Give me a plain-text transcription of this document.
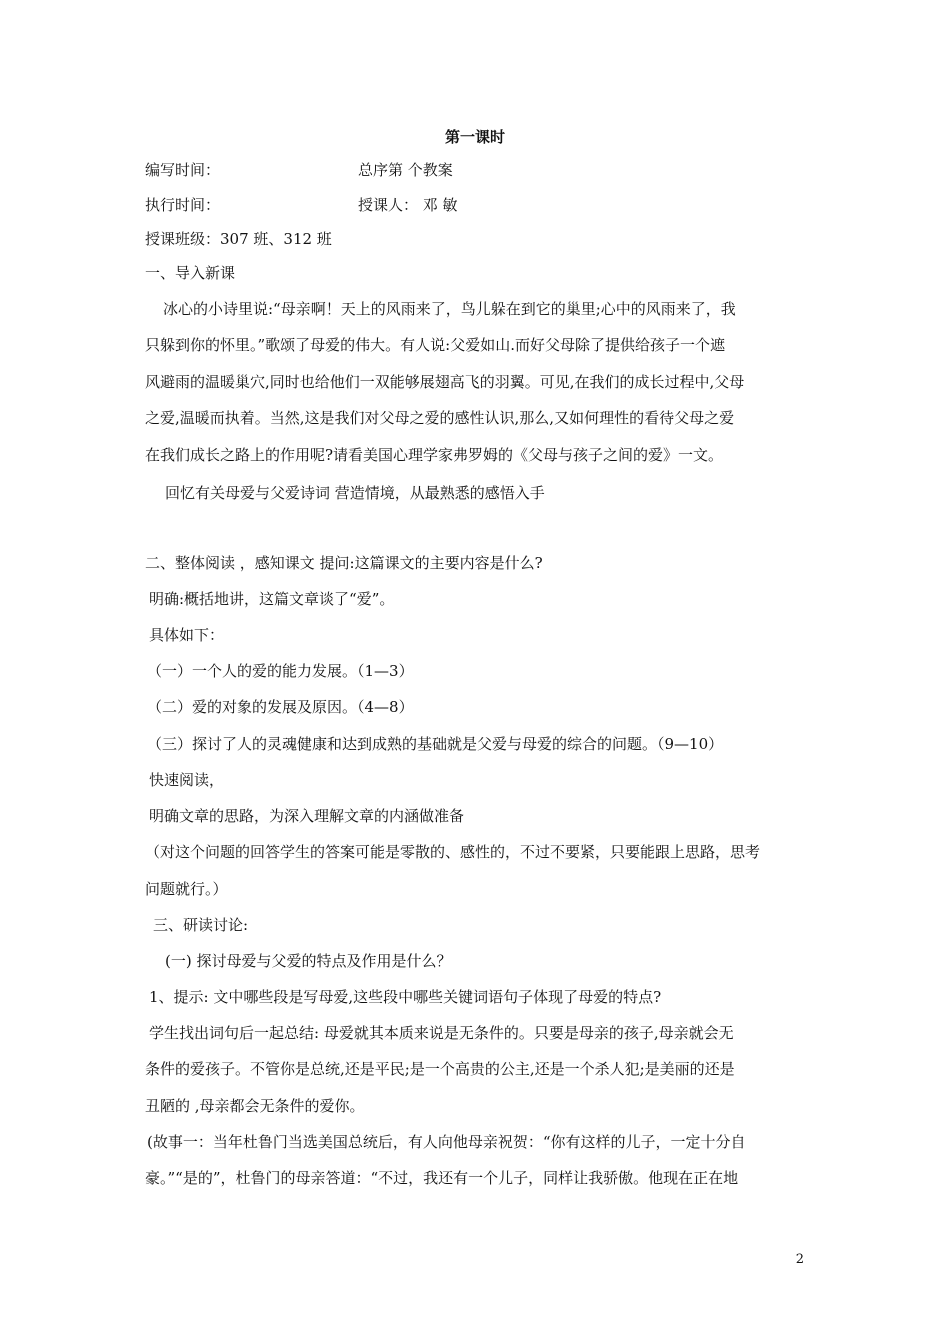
第一课时
编写时间：	总序第 个教案
执行时间：	授课人： 邓 敏
授课班级：307 班、312 班
一、导入新课
冰心的小诗里说:“母亲啊！天上的风雨来了，鸟儿躲在到它的巢里;心中的风雨来了，我
只躲到你的怀里。”歌颂了母爱的伟大。有人说:父爱如山.而好父母除了提供给孩子一个遮
风避雨的温暖巢穴,同时也给他们一双能够展翅高飞的羽翼。可见,在我们的成长过程中,父母
之爱,温暖而执着。当然,这是我们对父母之爱的感性认识,那么,又如何理性的看待父母之爱
在我们成长之路上的作用呢?请看美国心理学家弗罗姆的《父母与孩子之间的爱》一文。
回忆有关母爱与父爱诗词 营造情境，从最熟悉的感悟入手
二、整体阅读 ，感知课文 提问:这篇课文的主要内容是什么?
明确:概括地讲，这篇文章谈了“爱”。
具体如下：
（一）一个人的爱的能力发展。（1—3）
（二）爱的对象的发展及原因。（4—8）
（三）探讨了人的灵魂健康和达到成熟的基础就是父爱与母爱的综合的问题。（9—10）
快速阅读，
明确文章的思路，为深入理解文章的内涵做准备
（对这个问题的回答学生的答案可能是零散的、感性的，不过不要紧，只要能跟上思路，思考
问题就行。）
三、研读讨论:
(一) 探讨母爱与父爱的特点及作用是什么？
1、提示: 文中哪些段是写母爱,这些段中哪些关键词语句子体现了母爱的特点?
学生找出词句后一起总结: 母爱就其本质来说是无条件的。只要是母亲的孩子,母亲就会无
条件的爱孩子。不管你是总统,还是平民;是一个高贵的公主,还是一个杀人犯;是美丽的还是
丑陋的 ,母亲都会无条件的爱你。
(故事一：当年杜鲁门当选美国总统后，有人向他母亲祝贺：“你有这样的儿子，一定十分自
豪。”“是的”，杜鲁门的母亲答道：“不过，我还有一个儿子，同样让我骄傲。他现在正在地
2
